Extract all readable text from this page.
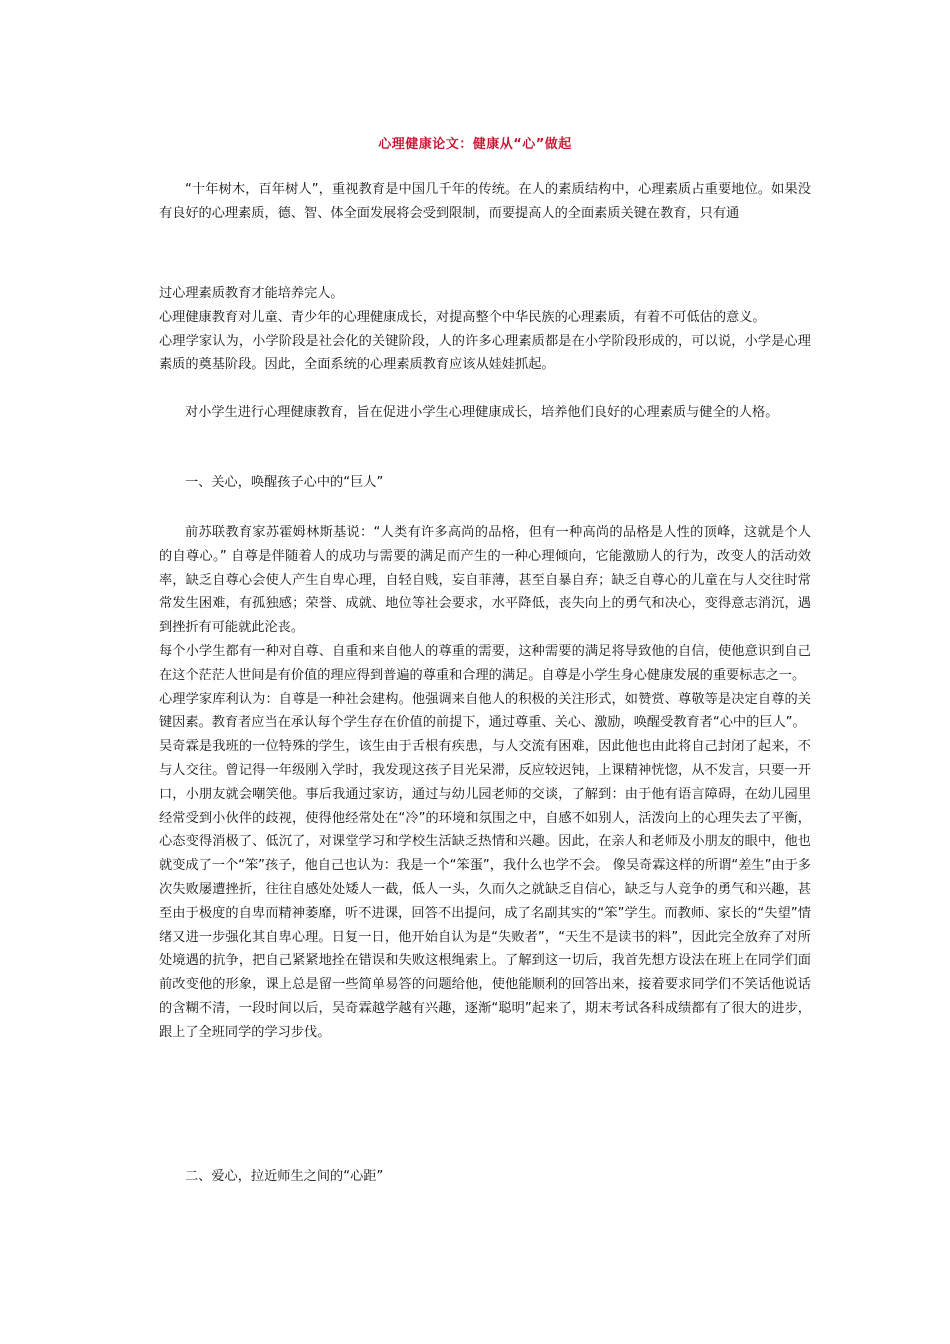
心理健康论文：健康从“心”做起

“十年树木，百年树人”，重视教育是中国几千年的传统。在人的素质结构中，心理素质占重要地位。如果没有良好的心理素质，德、智、体全面发展将会受到限制，而要提高人的全面素质关键在教育，只有通

过心理素质教育才能培养完人。

心理健康教育对儿童、青少年的心理健康成长，对提高整个中华民族的心理素质，有着不可低估的意义。

心理学家认为，小学阶段是社会化的关键阶段，人的许多心理素质都是在小学阶段形成的，可以说，小学是心理素质的奠基阶段。因此，全面系统的心理素质教育应该从娃娃抓起。

对小学生进行心理健康教育，旨在促进小学生心理健康成长，培养他们良好的心理素质与健全的人格。

一、关心，唤醒孩子心中的“巨人”

前苏联教育家苏霍姆林斯基说：“人类有许多高尚的品格，但有一种高尚的品格是人性的顶峰，这就是个人的自尊心。” 自尊是伴随着人的成功与需要的满足而产生的一种心理倾向，它能激励人的行为，改变人的活动效率，缺乏自尊心会使人产生自卑心理，自轻自贱，妄自菲薄，甚至自暴自弃；缺乏自尊心的儿童在与人交往时常常发生困难，有孤独感；荣誉、成就、地位等社会要求，水平降低，丧失向上的勇气和决心，变得意志消沉，遇到挫折有可能就此沦丧。

每个小学生都有一种对自尊、自重和来自他人的尊重的需要，这种需要的满足将导致他的自信，使他意识到自己在这个茫茫人世间是有价值的理应得到普遍的尊重和合理的满足。自尊是小学生身心健康发展的重要标志之一。

心理学家库利认为：自尊是一种社会建构。他强调来自他人的积极的关注形式，如赞赏、尊敬等是决定自尊的关键因素。教育者应当在承认每个学生存在价值的前提下，通过尊重、关心、激励，唤醒受教育者“心中的巨人”。

吴奇霖是我班的一位特殊的学生，该生由于舌根有疾患，与人交流有困难，因此他也由此将自己封闭了起来，不与人交往。曾记得一年级刚入学时，我发现这孩子目光呆滞，反应较迟钝，上课精神恍惚，从不发言，只要一开口，小朋友就会嘲笑他。事后我通过家访，通过与幼儿园老师的交谈，了解到：由于他有语言障碍，在幼儿园里经常受到小伙伴的歧视，使得他经常处在“冷”的环境和氛围之中，自感不如别人，活泼向上的心理失去了平衡，心态变得消极了、低沉了，对课堂学习和学校生活缺乏热情和兴趣。因此，在亲人和老师及小朋友的眼中，他也就变成了一个“笨”孩子，他自己也认为：我是一个“笨蛋”，我什么也学不会。 像吴奇霖这样的所谓“差生”由于多次失败屡遭挫折，往往自感处处矮人一截，低人一头，久而久之就缺乏自信心，缺乏与人竞争的勇气和兴趣，甚至由于极度的自卑而精神萎靡，听不进课，回答不出提问，成了名副其实的“笨”学生。而教师、家长的“失望”情绪又进一步强化其自卑心理。日复一日，他开始自认为是“失败者”，“天生不是读书的料”，因此完全放弃了对所处境遇的抗争，把自己紧紧地拴在错误和失败这根绳索上。了解到这一切后，我首先想方设法在班上在同学们面前改变他的形象，课上总是留一些简单易答的问题给他，使他能顺利的回答出来，接着要求同学们不笑话他说话的含糊不清，一段时间以后，吴奇霖越学越有兴趣，逐渐“聪明”起来了，期末考试各科成绩都有了很大的进步，跟上了全班同学的学习步伐。

二、爱心，拉近师生之间的“心距”
